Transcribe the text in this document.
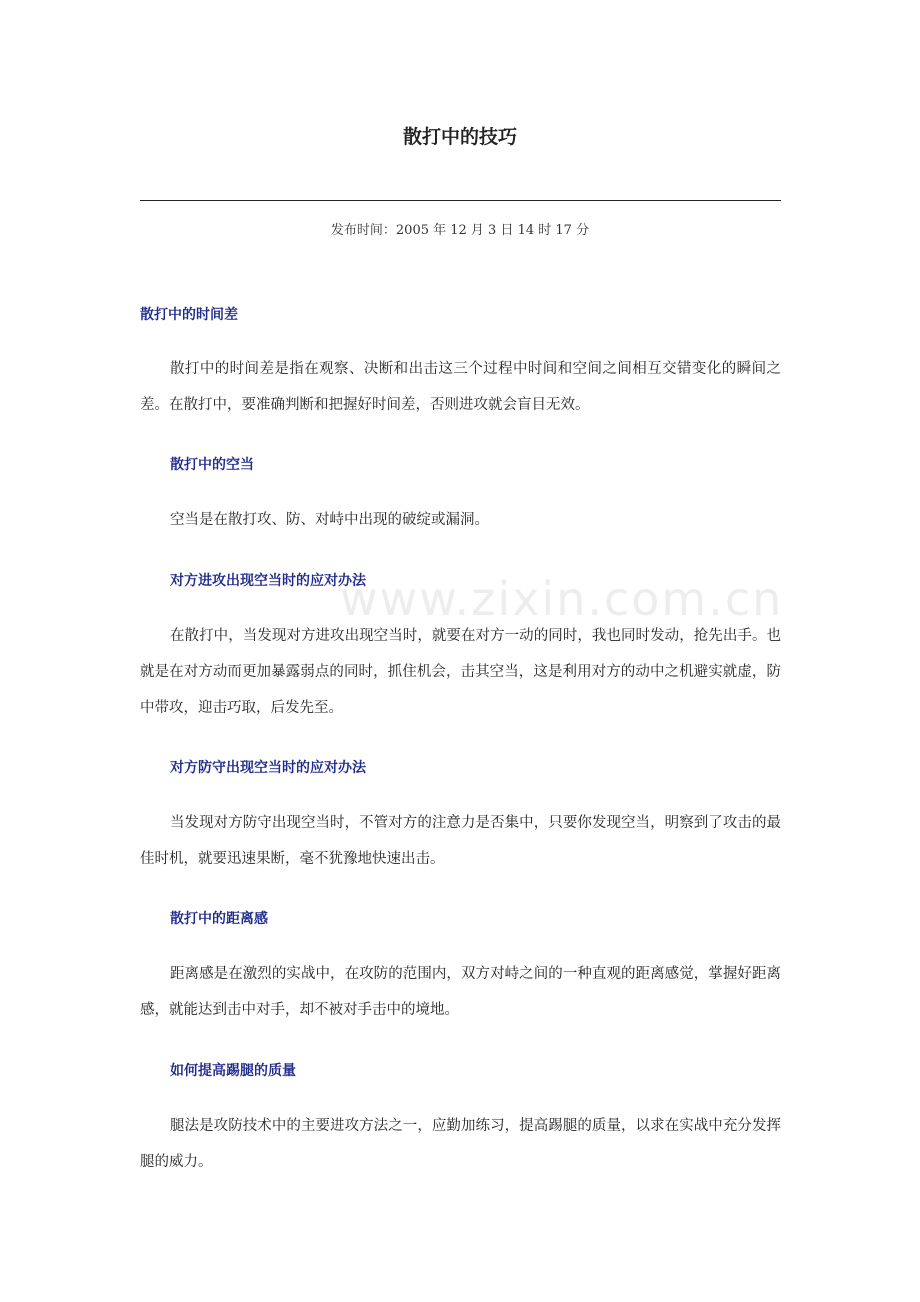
散打中的技巧
发布时间：2005 年 12 月 3 日 14 时 17 分
www.zixin.com.cn
散打中的时间差

散打中的时间差是指在观察、决断和出击这三个过程中时间和空间之间相互交错变化的瞬间之差。在散打中，要准确判断和把握好时间差，否则进攻就会盲目无效。

散打中的空当

空当是在散打攻、防、对峙中出现的破绽或漏洞。

对方进攻出现空当时的应对办法

在散打中，当发现对方进攻出现空当时，就要在对方一动的同时，我也同时发动，抢先出手。也就是在对方动而更加暴露弱点的同时，抓住机会，击其空当，这是利用对方的动中之机避实就虚，防中带攻，迎击巧取，后发先至。

对方防守出现空当时的应对办法

当发现对方防守出现空当时，不管对方的注意力是否集中，只要你发现空当，明察到了攻击的最佳时机，就要迅速果断，毫不犹豫地快速出击。

散打中的距离感

距离感是在激烈的实战中，在攻防的范围内，双方对峙之间的一种直观的距离感觉，掌握好距离感，就能达到击中对手，却不被对手击中的境地。

如何提高踢腿的质量

腿法是攻防技术中的主要进攻方法之一，应勤加练习，提高踢腿的质量，以求在实战中充分发挥腿的威力。
